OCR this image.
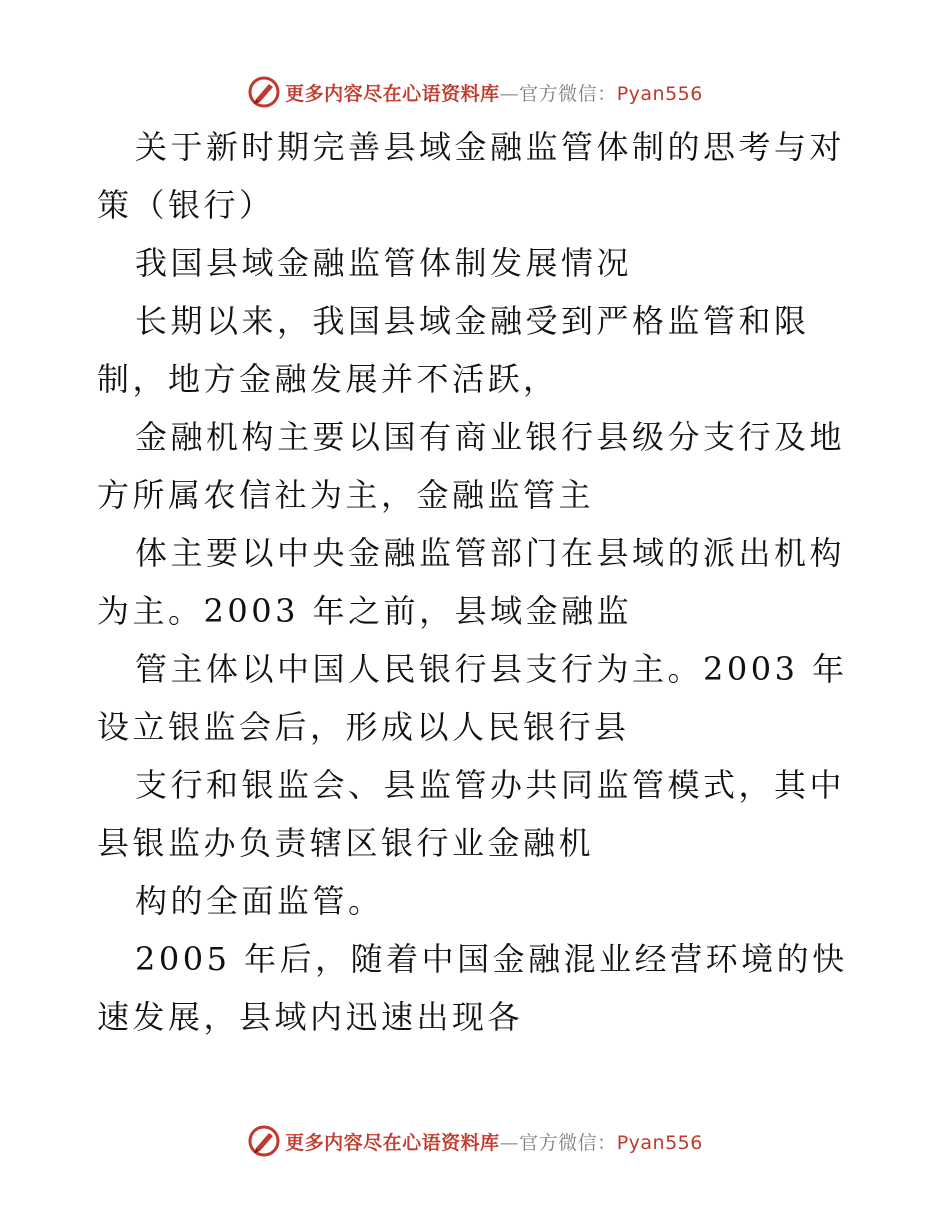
更多内容尽在心语资料库—官方微信：Pyan556

关于新时期完善县域金融监管体制的思考与对策（银行）

我国县域金融监管体制发展情况

长期以来，我国县域金融受到严格监管和限制，地方金融发展并不活跃，

金融机构主要以国有商业银行县级分支行及地方所属农信社为主，金融监管主

体主要以中央金融监管部门在县域的派出机构为主。2003 年之前，县域金融监

管主体以中国人民银行县支行为主。2003 年设立银监会后，形成以人民银行县

支行和银监会、县监管办共同监管模式，其中县银监办负责辖区银行业金融机

构的全面监管。

2005 年后，随着中国金融混业经营环境的快速发展，县域内迅速出现各

更多内容尽在心语资料库—官方微信：Pyan556
